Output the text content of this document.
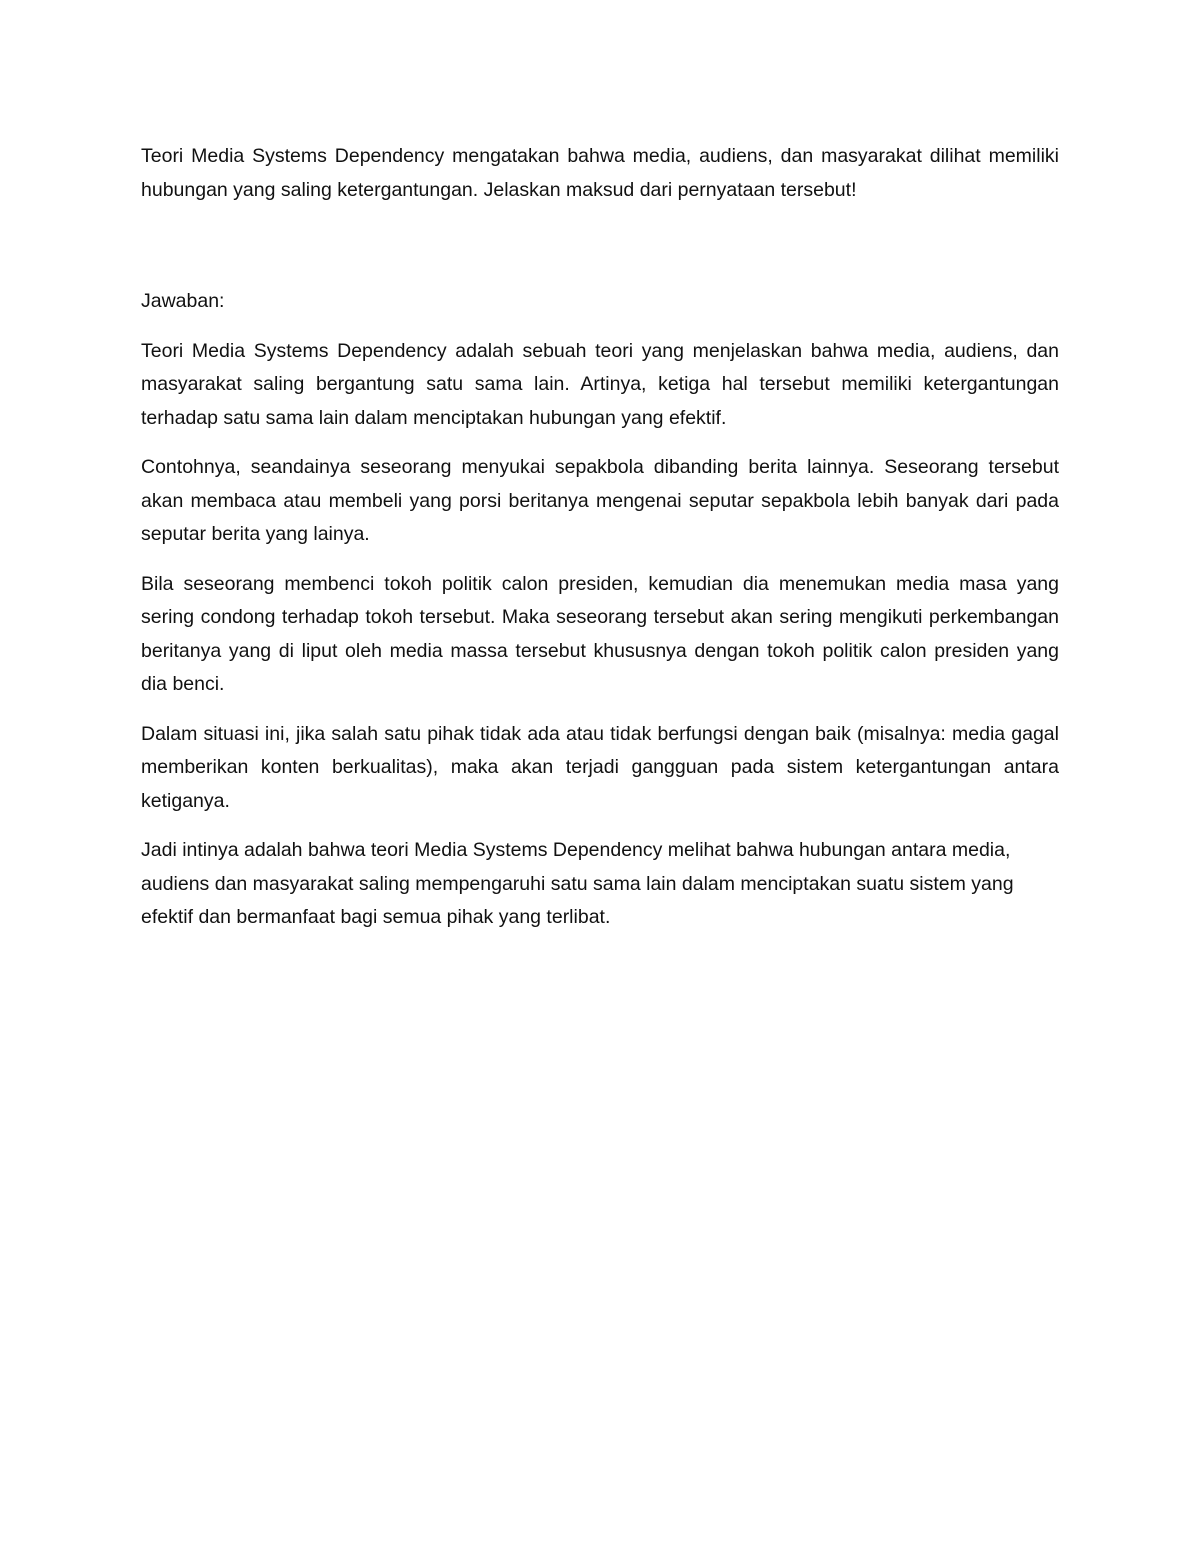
Teori Media Systems Dependency mengatakan bahwa media, audiens, dan masyarakat dilihat memiliki hubungan yang saling ketergantungan. Jelaskan maksud dari pernyataan tersebut!

Jawaban:

Teori Media Systems Dependency adalah sebuah teori yang menjelaskan bahwa media, audiens, dan masyarakat saling bergantung satu sama lain. Artinya, ketiga hal tersebut memiliki ketergantungan terhadap satu sama lain dalam menciptakan hubungan yang efektif.

Contohnya, seandainya seseorang menyukai sepakbola dibanding berita lainnya. Seseorang tersebut akan membaca atau membeli yang porsi beritanya mengenai seputar sepakbola lebih banyak dari pada seputar berita yang lainya.

Bila seseorang membenci tokoh politik calon presiden, kemudian dia menemukan media masa yang sering condong terhadap tokoh tersebut. Maka seseorang tersebut akan sering mengikuti perkembangan beritanya yang di liput oleh media massa tersebut khususnya dengan tokoh politik calon presiden yang dia benci.

Dalam situasi ini, jika salah satu pihak tidak ada atau tidak berfungsi dengan baik (misalnya: media gagal memberikan konten berkualitas), maka akan terjadi gangguan pada sistem ketergantungan antara ketiganya.

Jadi intinya adalah bahwa teori Media Systems Dependency melihat bahwa hubungan antara media, audiens dan masyarakat saling mempengaruhi satu sama lain dalam menciptakan suatu sistem yang efektif dan bermanfaat bagi semua pihak yang terlibat.
